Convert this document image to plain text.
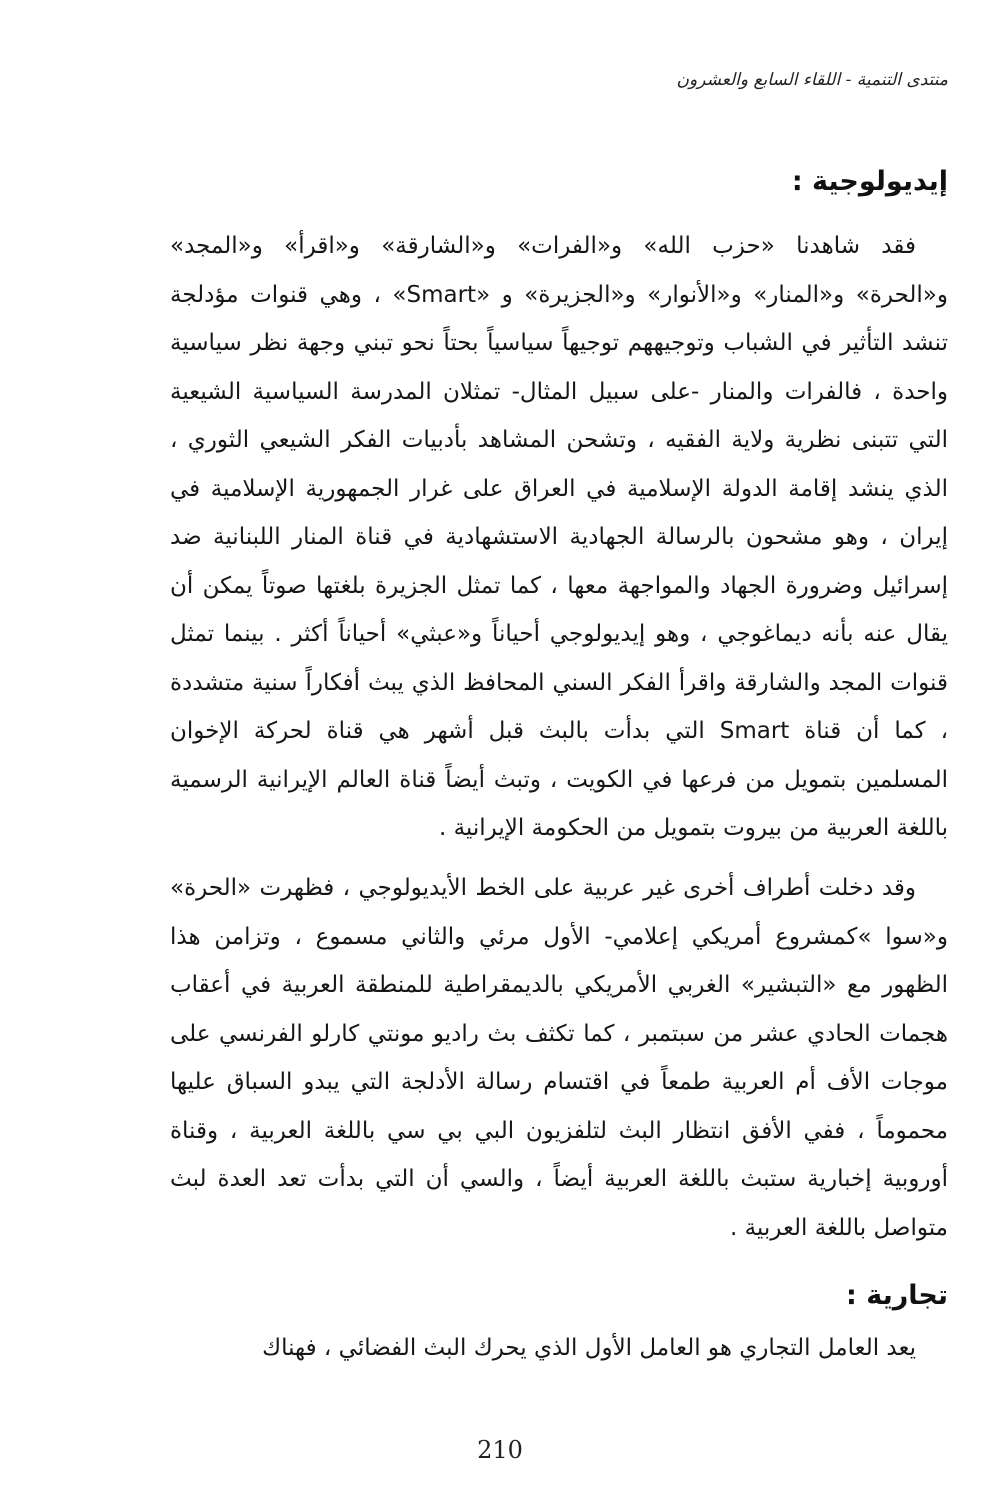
منتدى التنمية - اللقاء السابع والعشرون
إيديولوجية :

فقد شاهدنا «حزب الله» و«الفرات» و«الشارقة» و«اقرأ» و«المجد» و«الحرة» و«المنار» و«الأنوار» و«الجزيرة» و «Smart» ، وهي قنوات مؤدلجة تنشد التأثير في الشباب وتوجيههم توجيهاً سياسياً بحتاً نحو تبني وجهة نظر سياسية واحدة ، فالفرات والمنار -على سبيل المثال- تمثلان المدرسة السياسية الشيعية التي تتبنى نظرية ولاية الفقيه ، وتشحن المشاهد بأدبيات الفكر الشيعي الثوري ، الذي ينشد إقامة الدولة الإسلامية في العراق على غرار الجمهورية الإسلامية في إيران ، وهو مشحون بالرسالة الجهادية الاستشهادية في قناة المنار اللبنانية ضد إسرائيل وضرورة الجهاد والمواجهة معها ، كما تمثل الجزيرة بلغتها صوتاً يمكن أن يقال عنه بأنه ديماغوجي ، وهو إيديولوجي أحياناً و«عبثي» أحياناً أكثر . بينما تمثل قنوات المجد والشارقة واقرأ الفكر السني المحافظ الذي يبث أفكاراً سنية متشددة ، كما أن قناة Smart التي بدأت بالبث قبل أشهر هي قناة لحركة الإخوان المسلمين بتمويل من فرعها في الكويت ، وتبث أيضاً قناة العالم الإيرانية الرسمية باللغة العربية من بيروت بتمويل من الحكومة الإيرانية .

وقد دخلت أطراف أخرى غير عربية على الخط الأيديولوجي ، فظهرت «الحرة» و«سوا »كمشروع أمريكي إعلامي- الأول مرئي والثاني مسموع ، وتزامن هذا الظهور مع «التبشير» الغربي الأمريكي بالديمقراطية للمنطقة العربية في أعقاب هجمات الحادي عشر من سبتمبر ، كما تكثف بث راديو مونتي كارلو الفرنسي على موجات الأف أم العربية طمعاً في اقتسام رسالة الأدلجة التي يبدو السباق عليها محموماً ، ففي الأفق انتظار البث لتلفزيون البي بي سي باللغة العربية ، وقناة أوروبية إخبارية ستبث باللغة العربية أيضاً ، والسي أن التي بدأت تعد العدة لبث متواصل باللغة العربية .

تجارية :

يعد العامل التجاري هو العامل الأول الذي يحرك البث الفضائي ، فهناك

210
